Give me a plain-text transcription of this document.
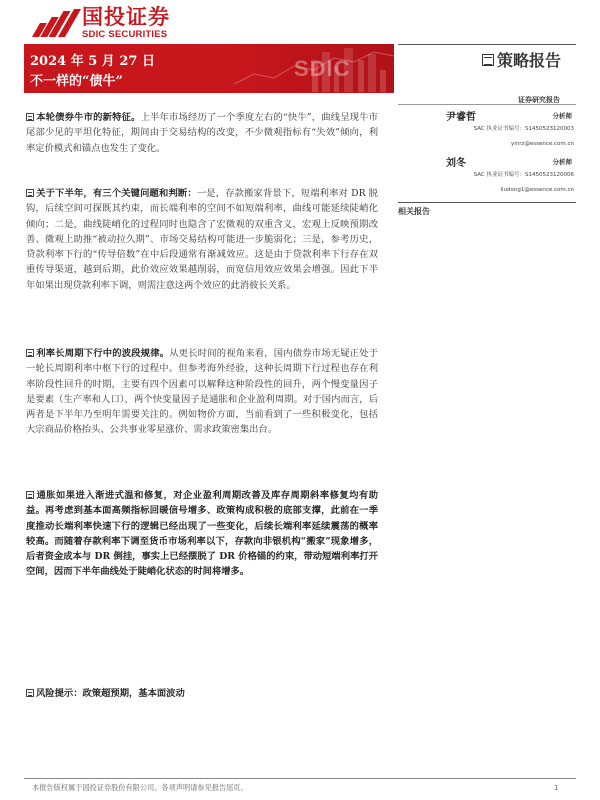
国投证券
SDIC SECURITIES
SDIC
2024 年 5 月 27 日
不一样的“债牛”
策略报告
证券研究报告
尹睿哲	分析师
SAC 执业证书编号：S1450523120003
yinrz@essence.com.cn
刘冬	分析师
SAC 执业证书编号：S1450523120006
liudong1@essence.com.cn
相关报告
本轮债券牛市的新特征。上半年市场经历了一个季度左右的“快牛”，曲线呈现牛市尾部少见的平坦化特征，期间由于交易结构的改变，不少微观指标有“失效”倾向，利率定价模式和锚点也发生了变化。
关于下半年，有三个关键问题和判断：一是，存款搬家背景下，短端利率对 DR 脱钩，后续空间可探既其约束，而长端利率的空间不如短端利率，曲线可能延续陡峭化倾向；二是，曲线陡峭化的过程同时也隐含了宏微观的双重含义，宏观上反映预期改善、微观上助推“被动拉久期”、市场交易结构可能进一步脆弱化；三是，参考历史，贷款利率下行的“传导倍数”在中后段通常有渐减效应。这是由于贷款利率下行存在双重传导渠道，越到后期，此价效应效果越削弱，而宽信用效应效果会增强。因此下半年如果出现贷款利率下调，则需注意这两个效应的此消彼长关系。
利率长周期下行中的波段规律。从更长时间的视角来看，国内债券市场无疑正处于一轮长周期利率中枢下行的过程中。但参考海外经验，这种长周期下行过程也存在利率阶段性回升的时期，主要有四个因素可以解释这种阶段性的回升，两个慢变量因子是要素（生产率和人口），两个快变量因子是通胀和企业盈利周期。对于国内而言，后两者是下半年乃至明年需要关注的。例如物价方面，当前看到了一些积极变化，包括大宗商品价格抬头、公共事业零星涨价、需求政策密集出台。
通胀如果进入渐进式温和修复，对企业盈利周期改善及库存周期斜率修复均有助益。再考虑到基本面高频指标回暖信号增多、政策构成积极的底部支撑，此前在一季度推动长端利率快速下行的逻辑已经出现了一些变化，后续长端利率延续震荡的概率较高。而随着存款利率下调至货币市场利率以下，存款向非银机构“搬家”现象增多，后者资金成本与 DR 倒挂，事实上已经摆脱了 DR 价格锚的约束，带动短端利率打开空间，因而下半年曲线处于陡峭化状态的时间将增多。
风险提示：政策超预期，基本面波动
本报告版权属于国投证券股份有限公司。各项声明请参见报告尾页。	1
